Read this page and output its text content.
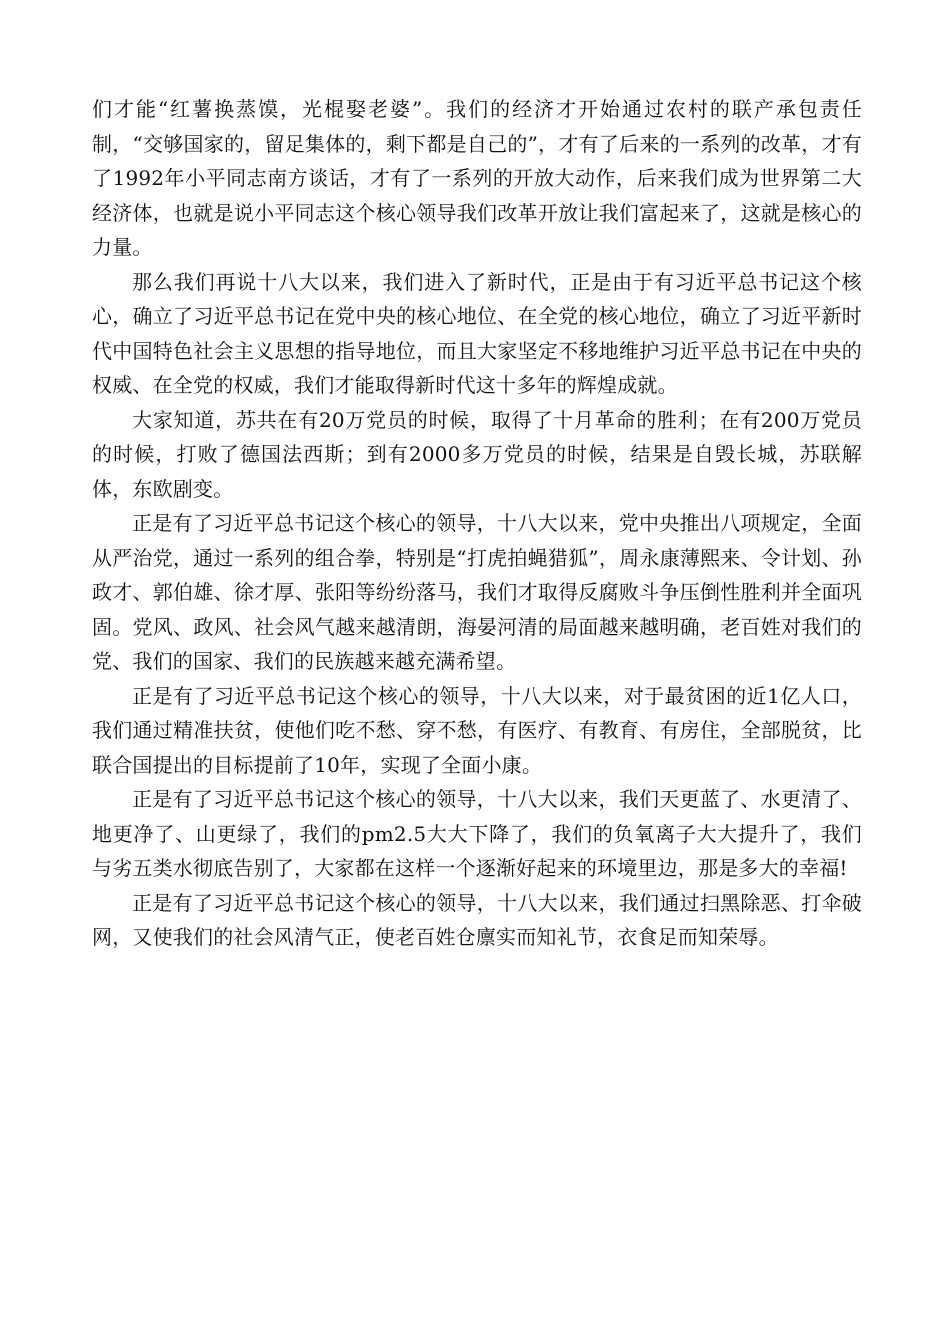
们才能“红薯换蒸馍，光棍娶老婆”。我们的经济才开始通过农村的联产承包责任制，“交够国家的，留足集体的，剩下都是自己的”，才有了后来的一系列的改革，才有了1992年小平同志南方谈话，才有了一系列的开放大动作，后来我们成为世界第二大经济体，也就是说小平同志这个核心领导我们改革开放让我们富起来了，这就是核心的力量。

那么我们再说十八大以来，我们进入了新时代，正是由于有习近平总书记这个核心，确立了习近平总书记在党中央的核心地位、在全党的核心地位，确立了习近平新时代中国特色社会主义思想的指导地位，而且大家坚定不移地维护习近平总书记在中央的权威、在全党的权威，我们才能取得新时代这十多年的辉煌成就。

大家知道，苏共在有20万党员的时候，取得了十月革命的胜利；在有200万党员的时候，打败了德国法西斯；到有2000多万党员的时候，结果是自毁长城，苏联解体，东欧剧变。

正是有了习近平总书记这个核心的领导，十八大以来，党中央推出八项规定，全面从严治党，通过一系列的组合拳，特别是“打虎拍蝇猎狐”，周永康薄熙来、令计划、孙政才、郭伯雄、徐才厚、张阳等纷纷落马，我们才取得反腐败斗争压倒性胜利并全面巩固。党风、政风、社会风气越来越清朗，海晏河清的局面越来越明确，老百姓对我们的党、我们的国家、我们的民族越来越充满希望。

正是有了习近平总书记这个核心的领导，十八大以来，对于最贫困的近1亿人口，我们通过精准扶贫，使他们吃不愁、穿不愁，有医疗、有教育、有房住，全部脱贫，比联合国提出的目标提前了10年，实现了全面小康。

正是有了习近平总书记这个核心的领导，十八大以来，我们天更蓝了、水更清了、地更净了、山更绿了，我们的pm2.5大大下降了，我们的负氧离子大大提升了，我们与劣五类水彻底告别了，大家都在这样一个逐渐好起来的环境里边，那是多大的幸福!

正是有了习近平总书记这个核心的领导，十八大以来，我们通过扫黑除恶、打伞破网，又使我们的社会风清气正，使老百姓仓廪实而知礼节，衣食足而知荣辱。
